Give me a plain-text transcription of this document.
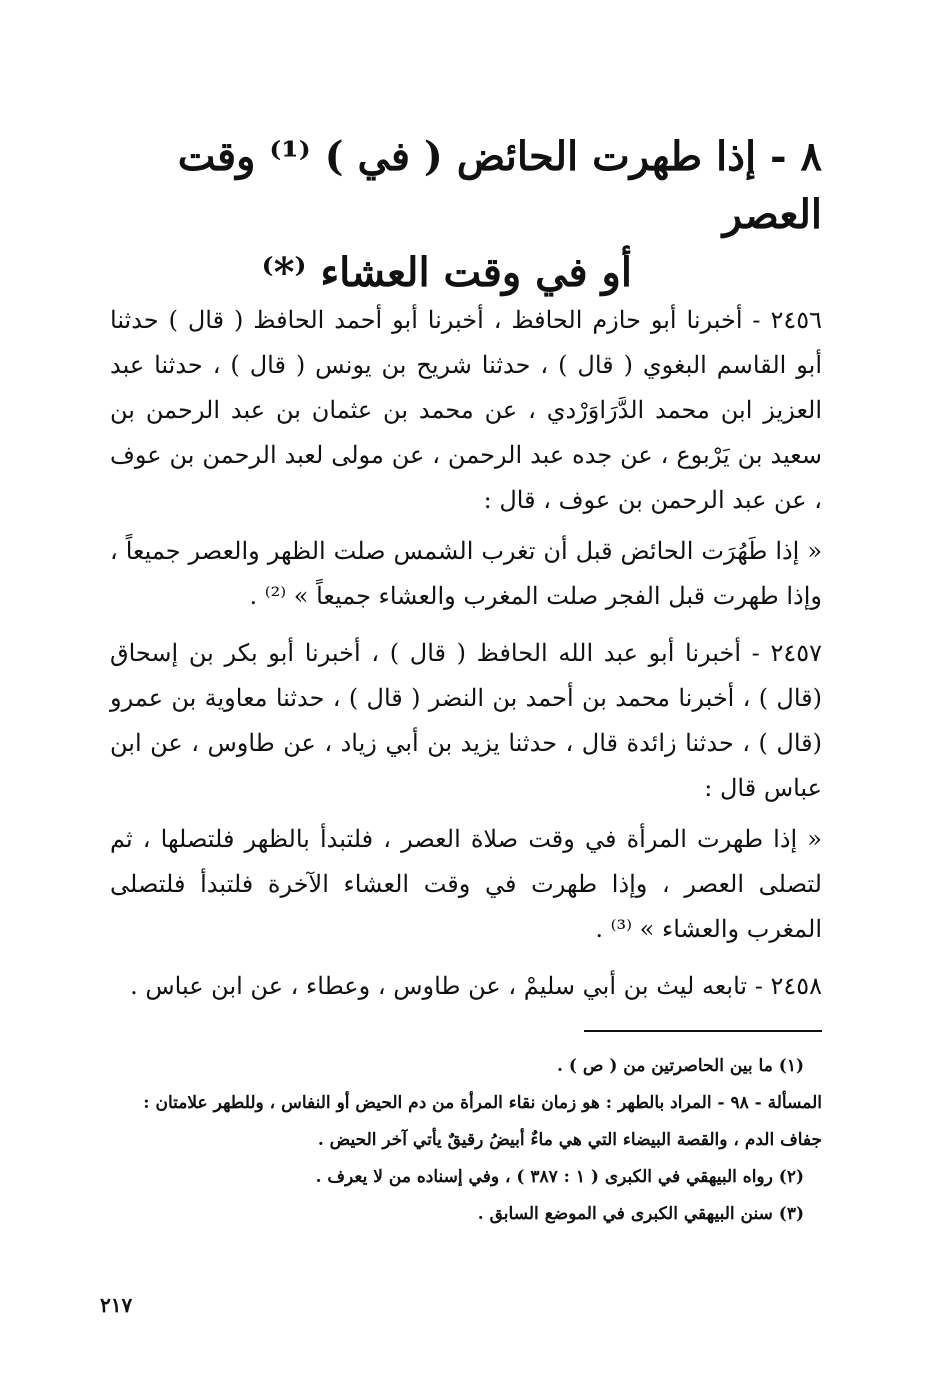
٨ - إذا طهرت الحائض ( في ) ⁽¹⁾ وقت العصر
أو في وقت العشاء ⁽*⁾

٢٤٥٦ - أخبرنا أبو حازم الحافظ ، أخبرنا أبو أحمد الحافظ ( قال ) حدثنا أبو القاسم البغوي ( قال ) ، حدثنا شريح بن يونس ( قال ) ، حدثنا عبد العزيز ابن محمد الدَّرَاوَرْدي ، عن محمد بن عثمان بن عبد الرحمن بن سعيد بن يَرْبوع ، عن جده عبد الرحمن ، عن مولى لعبد الرحمن بن عوف ، عن عبد الرحمن بن عوف ، قال :

« إذا طَهُرَت الحائض قبل أن تغرب الشمس صلت الظهر والعصر جميعاً ، وإذا طهرت قبل الفجر صلت المغرب والعشاء جميعاً » ⁽²⁾ .

٢٤٥٧ - أخبرنا أبو عبد الله الحافظ ( قال ) ، أخبرنا أبو بكر بن إسحاق (قال ) ، أخبرنا محمد بن أحمد بن النضر ( قال ) ، حدثنا معاوية بن عمرو (قال ) ، حدثنا زائدة قال ، حدثنا يزيد بن أبي زياد ، عن طاوس ، عن ابن عباس قال :

« إذا طهرت المرأة في وقت صلاة العصر ، فلتبدأ بالظهر فلتصلها ، ثم لتصلى العصر ، وإذا طهرت في وقت العشاء الآخرة فلتبدأ فلتصلى المغرب والعشاء » ⁽³⁾ .

٢٤٥٨ - تابعه ليث بن أبي سليمْ ، عن طاوس ، وعطاء ، عن ابن عباس .

(١) ما بين الحاصرتين من ( ص ) .

المسألة - ٩٨ - المراد بالطهر : هو زمان نقاء المرأة من دم الحيض أو النفاس ، وللطهر علامتان : جفاف الدم ، والقصة البيضاء التي هي ماءٌ أبيضُ رقيقٌ يأتي آخر الحيض .

(٢) رواه البيهقي في الكبرى ( ١ : ٣٨٧ ) ، وفي إسناده من لا يعرف .

(٣) سنن البيهقي الكبرى في الموضع السابق .

٢١٧
